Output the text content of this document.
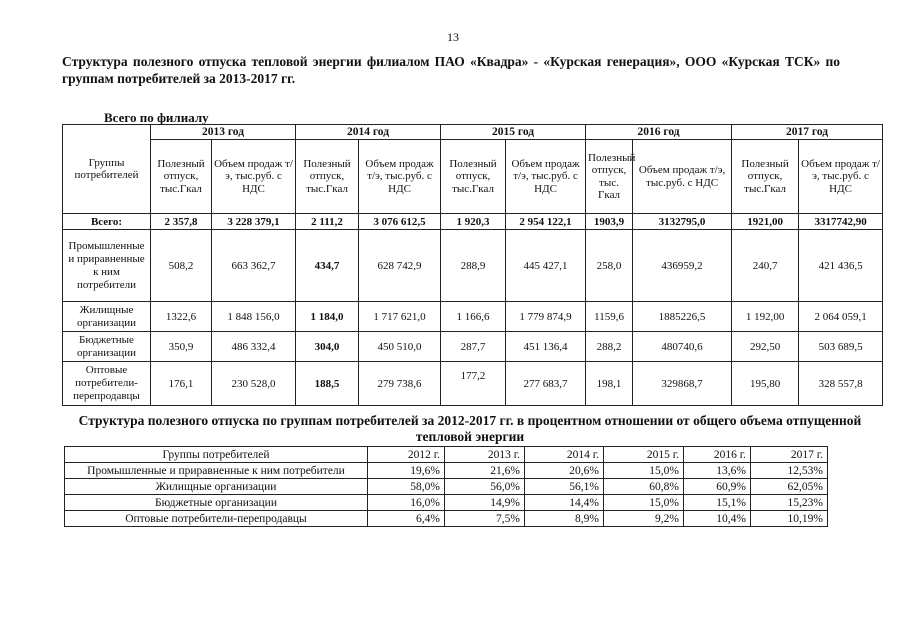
13
Структура полезного отпуска тепловой энергии филиалом ПАО «Квадра» - «Курская генерация», ООО «Курская ТСК» по группам потребителей за 2013-2017 гг.
Всего по филиалу
Группы потребителей	2013 год		2014 год		2015 год		2016 год		2017 год	
	Полезный отпуск, тыс.Гкал	Объем продаж т/э, тыс.руб. с НДС	Полезный отпуск, тыс.Гкал	Объем продаж т/э, тыс.руб. с НДС	Полезный отпуск, тыс.Гкал	Объем продаж т/э, тыс.руб. с НДС	Полезный отпуск, тыс. Гкал	Объем продаж т/э, тыс.руб. с НДС	Полезный отпуск, тыс.Гкал	Объем продаж т/э, тыс.руб. с НДС
Всего:	2 357,8	3 228 379,1	2 111,2	3 076 612,5	1 920,3	2 954 122,1	1903,9	3132795,0	1921,00	3317742,90
Промышленные и приравненные к ним потребители	508,2	663 362,7	434,7	628 742,9	288,9	445 427,1	258,0	436959,2	240,7	421 436,5
Жилищные организации	1322,6	1 848 156,0	1 184,0	1 717 621,0	1 166,6	1 779 874,9	1159,6	1885226,5	1 192,00	2 064 059,1
Бюджетные организации	350,9	486 332,4	304,0	450 510,0	287,7	451 136,4	288,2	480740,6	292,50	503 689,5
Оптовые потребители-перепродавцы	176,1	230 528,0	188,5	279 738,6	177,2	277 683,7	198,1	329868,7	195,80	328 557,8
Структура полезного отпуска по группам потребителей за 2012-2017 гг. в процентном отношении от общего объема отпущенной тепловой энергии
Группы потребителей	2012 г.	2013 г.	2014 г.	2015 г.	2016 г.	2017 г.
Промышленные и приравненные к ним потребители	19,6%	21,6%	20,6%	15,0%	13,6%	12,53%
Жилищные организации	58,0%	56,0%	56,1%	60,8%	60,9%	62,05%
Бюджетные организации	16,0%	14,9%	14,4%	15,0%	15,1%	15,23%
Оптовые потребители-перепродавцы	6,4%	7,5%	8,9%	9,2%	10,4%	10,19%
